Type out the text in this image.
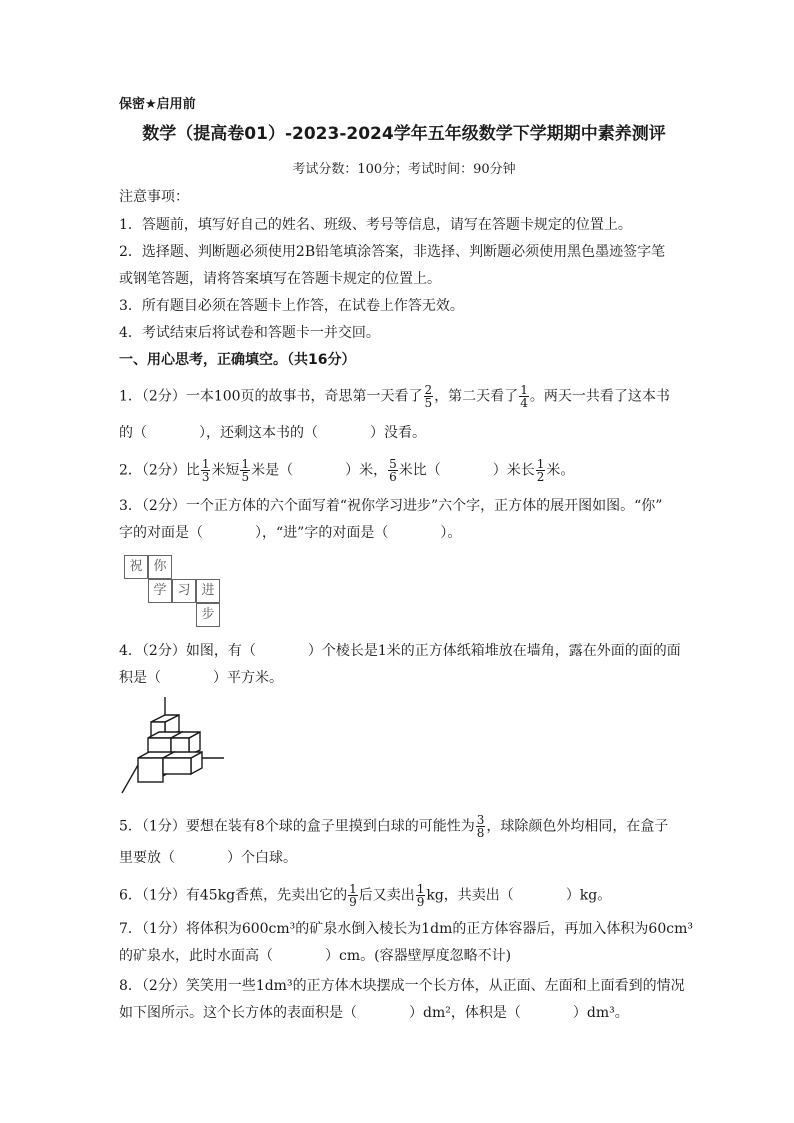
保密★启用前
数学（提高卷01）-2023-2024学年五年级数学下学期期中素养测评
考试分数：100分；考试时间：90分钟
注意事项：
1．答题前，填写好自己的姓名、班级、考号等信息，请写在答题卡规定的位置上。
2．选择题、判断题必须使用2B铅笔填涂答案，非选择、判断题必须使用黑色墨迹签字笔
或钢笔答题，请将答案填写在答题卡规定的位置上。
3．所有题目必须在答题卡上作答，在试卷上作答无效。
4．考试结束后将试卷和答题卡一并交回。
一、用心思考，正确填空。（共16分）
1．（2分）一本100页的故事书，奇思第一天看了 $\frac{2}{5}$ ，第二天看了 $\frac{1}{4}$ 。两天一共看了这本书
的（	），还剩这本书的（	）没看。
2．（2分）比 $\frac{1}{3}$ 米短 $\frac{1}{5}$ 米是（	）米， $\frac{5}{6}$ 米比（	）米长 $\frac{1}{2}$ 米。
3．（2分）一个正方体的六个面写着“祝你学习进步”六个字，正方体的展开图如图。“你”
字的对面是（	），“进”字的对面是（	）。
祝 你
学 习 进
步
4．（2分）如图，有（	）个棱长是1米的正方体纸箱堆放在墙角，露在外面的面的面
积是（	）平方米。
5．（1分）要想在装有8个球的盒子里摸到白球的可能性为 $\frac{3}{8}$ ，球除颜色外均相同，在盒子
里要放（	）个白球。
6．（1分）有45kg香蕉，先卖出它的 $\frac{1}{9}$ 后又卖出 $\frac{1}{9}$ kg，共卖出（	）kg。
7．（1分）将体积为600cm³的矿泉水倒入棱长为1dm的正方体容器后，再加入体积为60cm³
的矿泉水，此时水面高（	）cm。(容器壁厚度忽略不计)
8．（2分）笑笑用一些1dm³的正方体木块摆成一个长方体，从正面、左面和上面看到的情况
如下图所示。这个长方体的表面积是（	）dm²，体积是（	）dm³。
